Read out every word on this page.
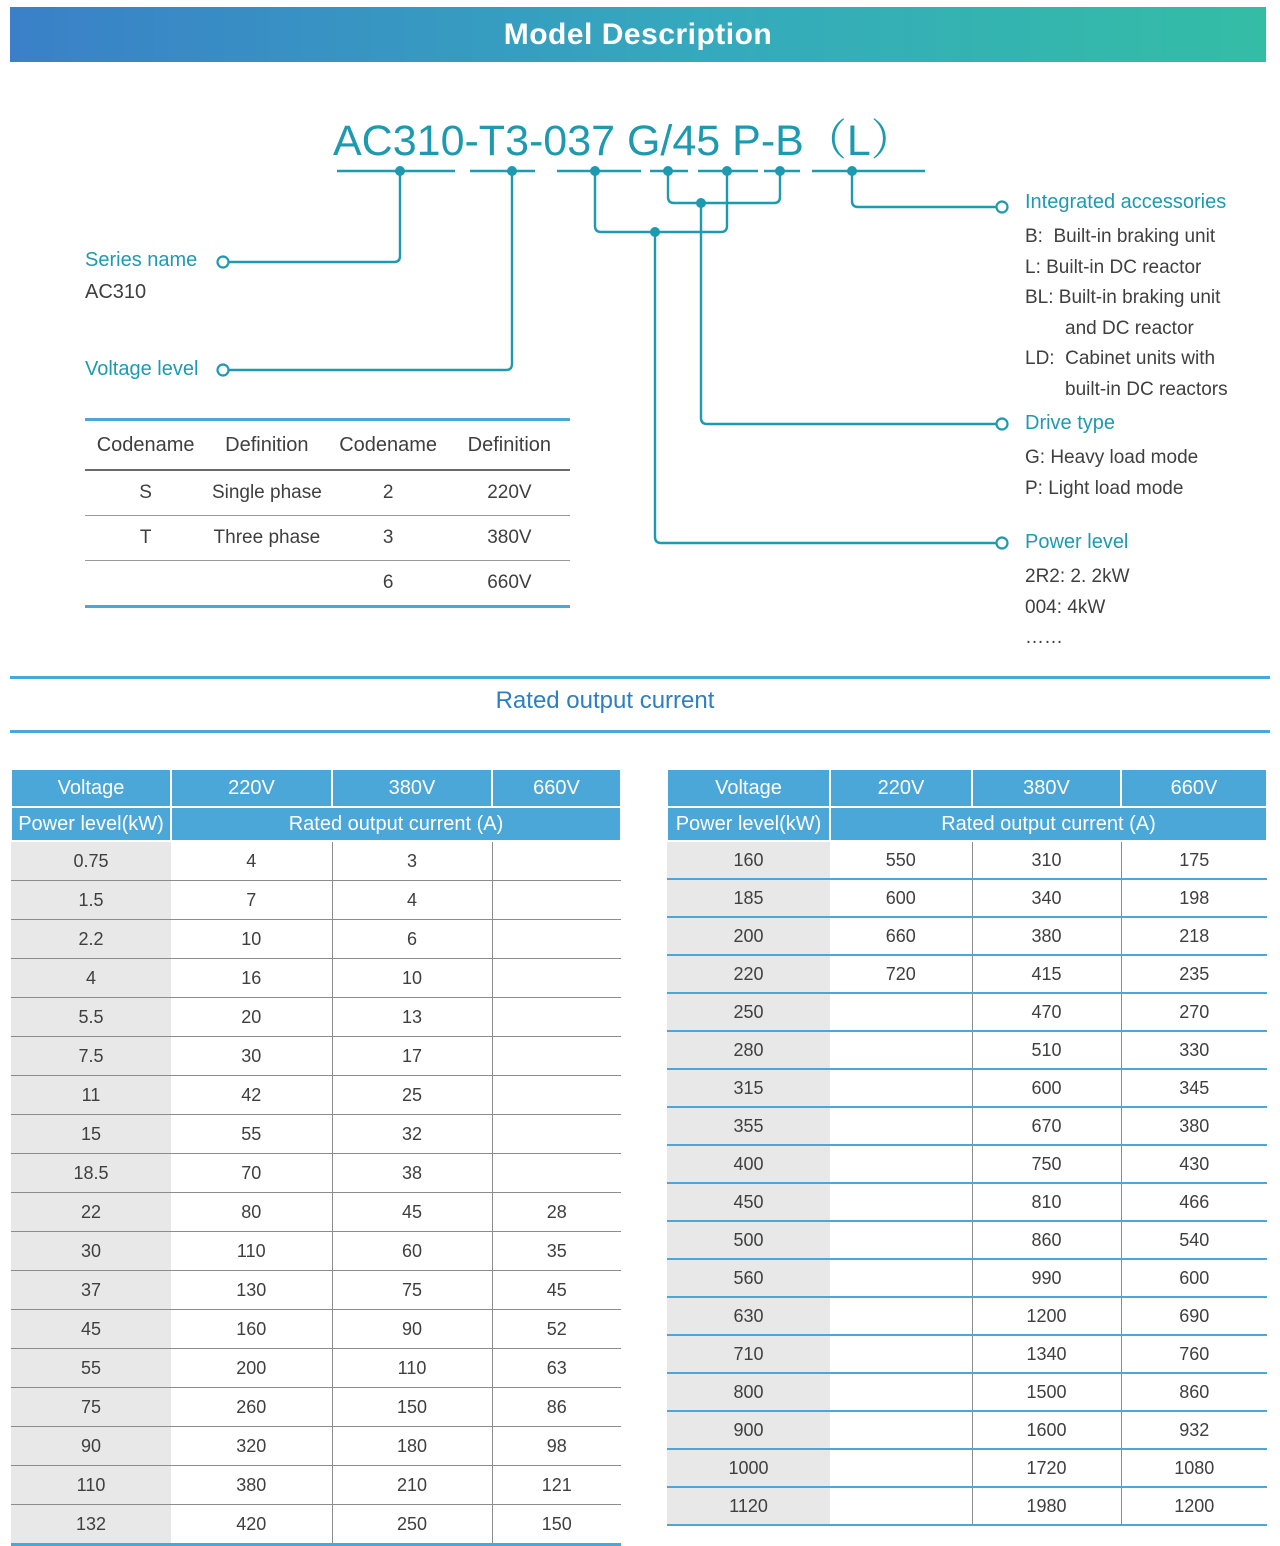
Model Description
AC310-T3-037 G/45 P-B（L）
Series name
AC310
Voltage level
Codename	Definition	Codename	Definition
S	Single phase	2	220V
T	Three phase	3	380V
		6	660V
Integrated accessories
B:  Built-in braking unit
L: Built-in DC reactor
BL: Built-in braking unit
and DC reactor
LD:  Cabinet units with
built-in DC reactors
Drive type
G: Heavy load mode
P: Light load mode
Power level
2R2: 2. 2kW
004: 4kW
……
Rated output current
Voltage	220V	380V	660V
Power level(kW)	Rated output current (A)		
0.75	4	3	
1.5	7	4	
2.2	10	6	
4	16	10	
5.5	20	13	
7.5	30	17	
11	42	25	
15	55	32	
18.5	70	38	
22	80	45	28
30	110	60	35
37	130	75	45
45	160	90	52
55	200	110	63
75	260	150	86
90	320	180	98
110	380	210	121
132	420	250	150
Voltage	220V	380V	660V
Power level(kW)	Rated output current (A)		
160	550	310	175
185	600	340	198
200	660	380	218
220	720	415	235
250		470	270
280		510	330
315		600	345
355		670	380
400		750	430
450		810	466
500		860	540
560		990	600
630		1200	690
710		1340	760
800		1500	860
900		1600	932
1000		1720	1080
1120		1980	1200
